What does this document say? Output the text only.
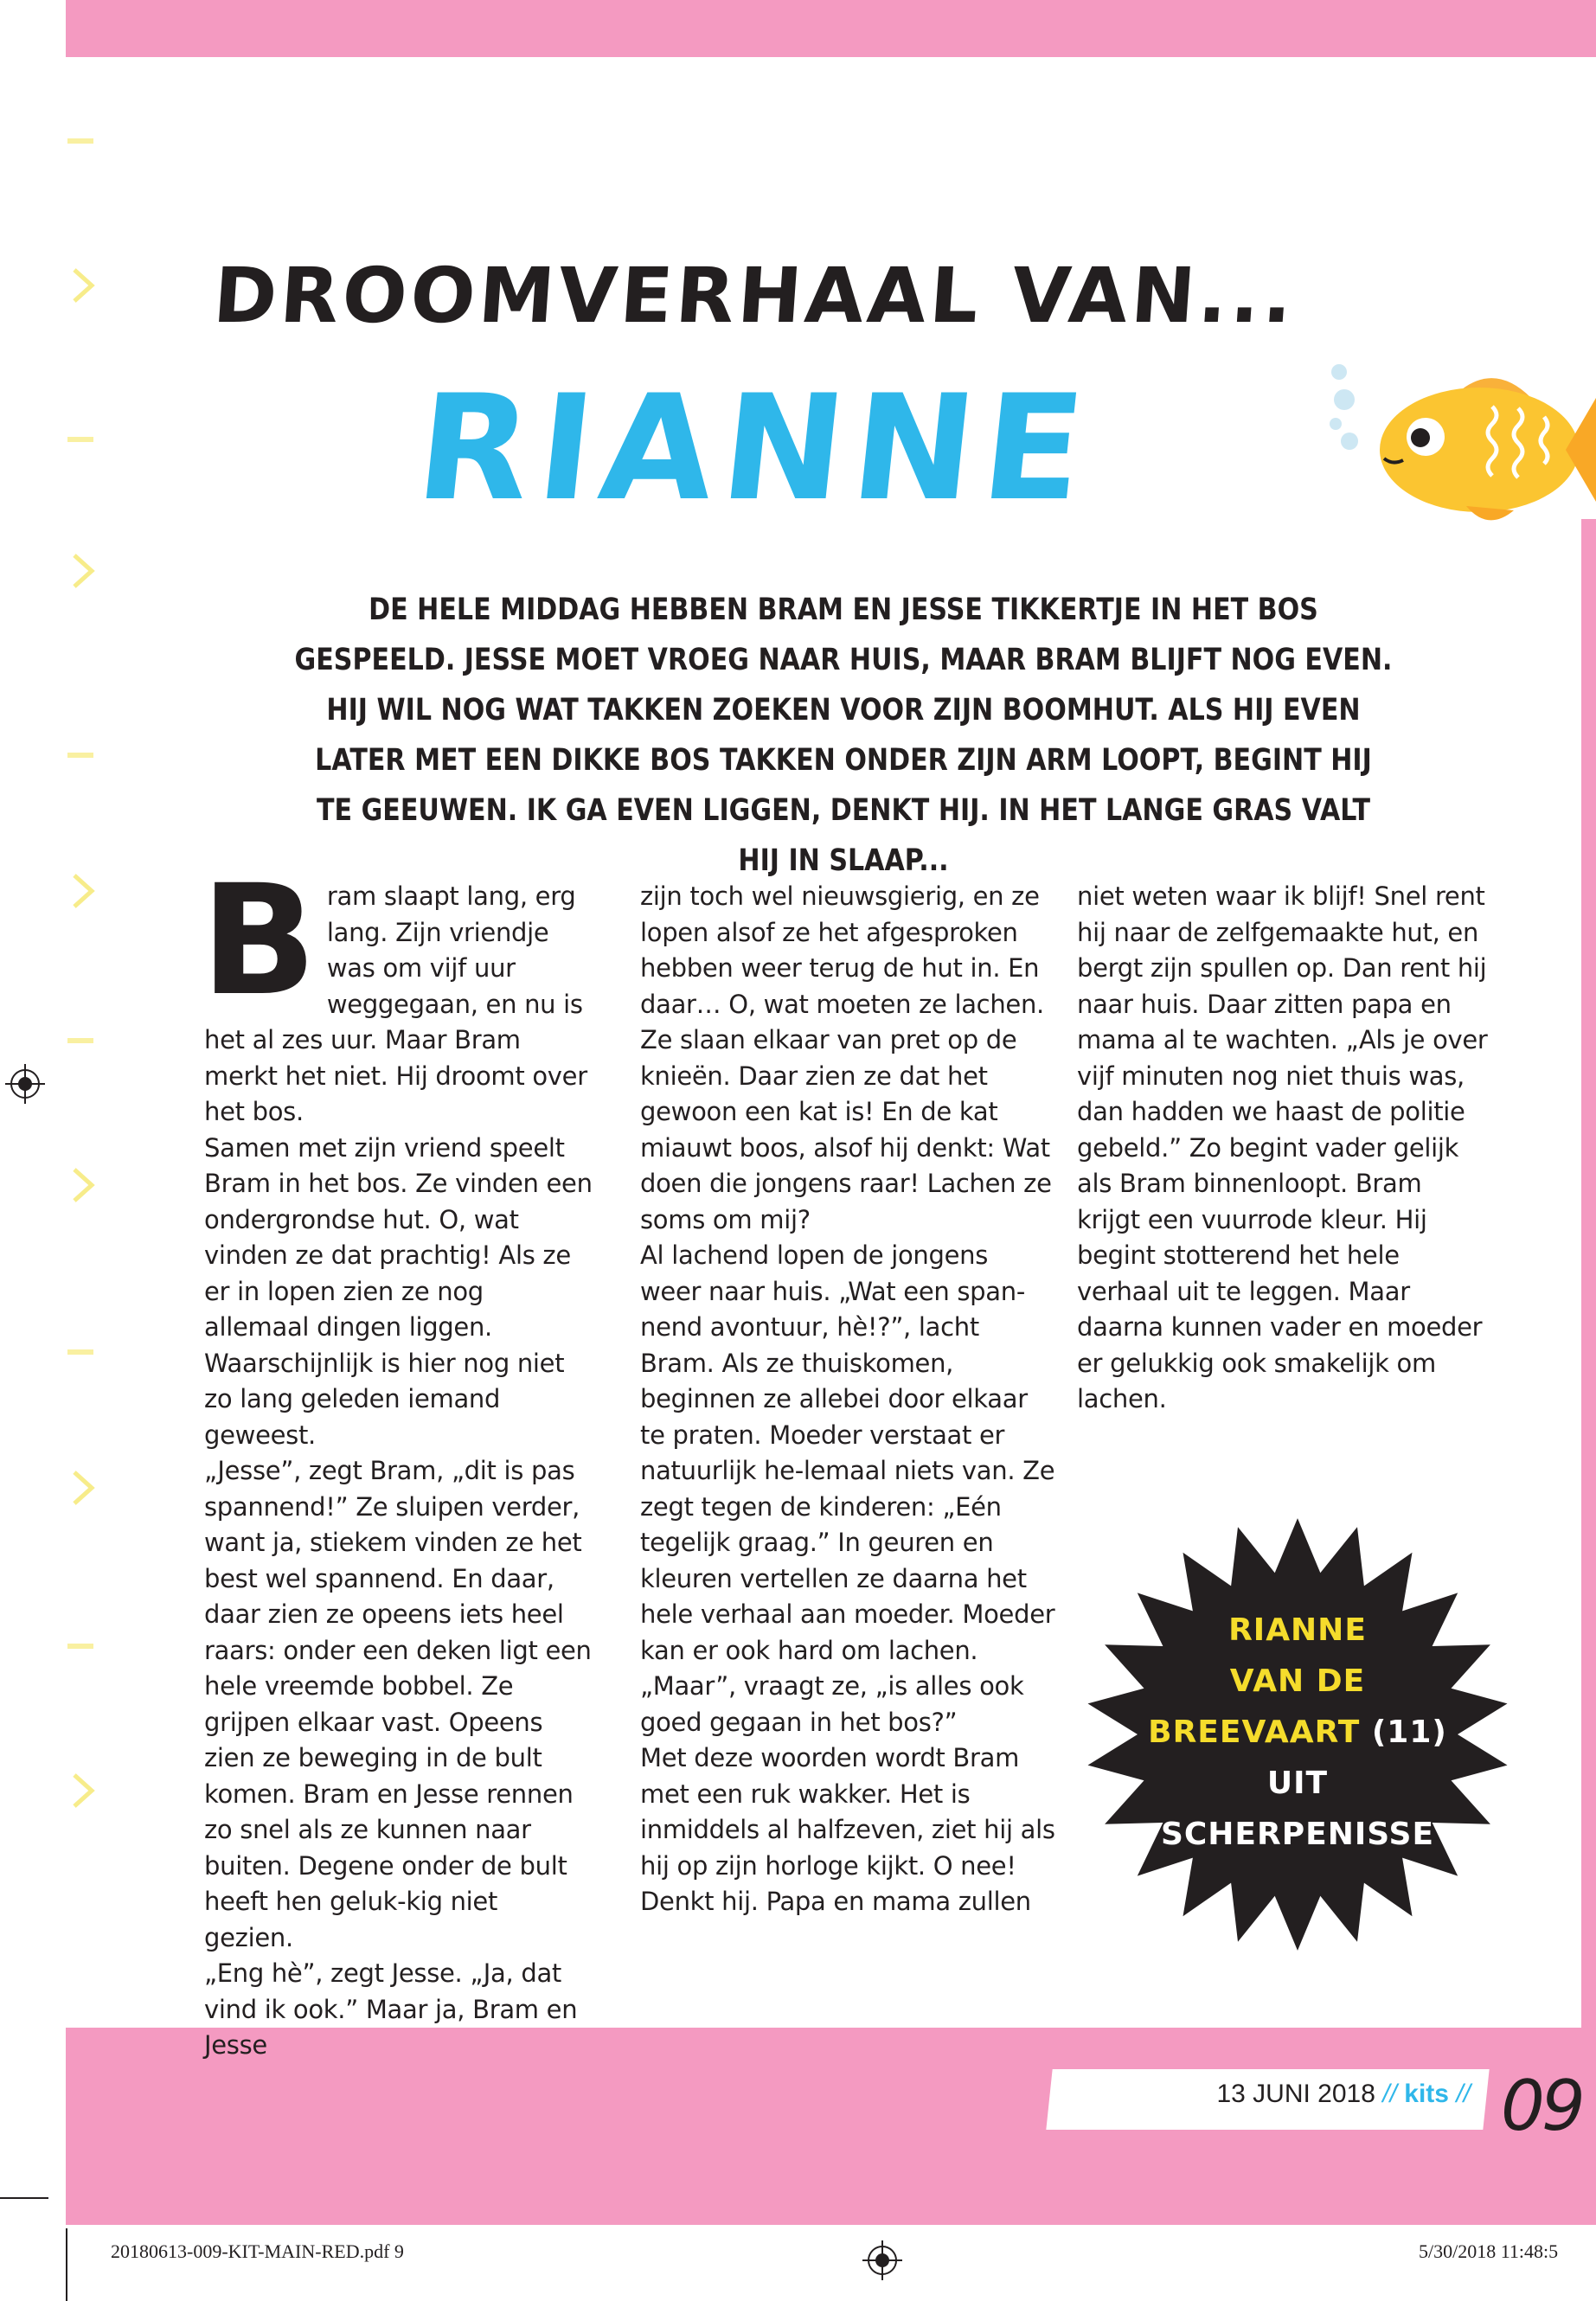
DROOMVERHAAL VAN...
RIANNE
DE HELE MIDDAG HEBBEN BRAM EN JESSE TIKKERTJE IN HET BOS GESPEELD. JESSE MOET VROEG NAAR HUIS, MAAR BRAM BLIJFT NOG EVEN. HIJ WIL NOG WAT TAKKEN ZOEKEN VOOR ZIJN BOOMHUT. ALS HIJ EVEN LATER MET EEN DIKKE BOS TAKKEN ONDER ZIJN ARM LOOPT, BEGINT HIJ TE GEEUWEN. IK GA EVEN LIGGEN, DENKT HIJ. IN HET LANGE GRAS VALT HIJ IN SLAAP...
B ram slaapt lang, erg lang. Zijn vriendje was om vijf uur weggegaan, en nu is het al zes uur. Maar Bram merkt het niet. Hij droomt over het bos.

Samen met zijn vriend speelt Bram in het bos. Ze vinden een ondergrondse hut. O, wat vinden ze dat prachtig! Als ze er in lopen zien ze nog allemaal dingen liggen. Waarschijnlijk is hier nog niet zo lang geleden iemand geweest.

„Jesse”, zegt Bram, „dit is pas spannend!” Ze sluipen verder, want ja, stiekem vinden ze het best wel spannend. En daar, daar zien ze opeens iets heel raars: onder een deken ligt een hele vreemde bobbel. Ze grijpen elkaar vast. Opeens zien ze beweging in de bult komen. Bram en Jesse rennen zo snel als ze kunnen naar buiten. Degene onder de bult heeft hen geluk-kig niet gezien.

„Eng hè”, zegt Jesse. „Ja, dat vind ik ook.” Maar ja, Bram en Jesse

zijn toch wel nieuwsgierig, en ze lopen alsof ze het afgesproken hebben weer terug de hut in. En daar… O, wat moeten ze lachen. Ze slaan elkaar van pret op de knieën. Daar zien ze dat het gewoon een kat is! En de kat miauwt boos, alsof hij denkt: Wat doen die jongens raar! Lachen ze soms om mij?

Al lachend lopen de jongens weer naar huis. „Wat een span-nend avontuur, hè!?”, lacht Bram. Als ze thuiskomen, beginnen ze allebei door elkaar te praten. Moeder verstaat er natuurlijk he-lemaal niets van. Ze zegt tegen de kinderen: „Eén tegelijk graag.” In geuren en kleuren vertellen ze daarna het hele verhaal aan moeder. Moeder kan er ook hard om lachen. „Maar”, vraagt ze, „is alles ook goed gegaan in het bos?”

Met deze woorden wordt Bram met een ruk wakker. Het is inmiddels al halfzeven, ziet hij als hij op zijn horloge kijkt. O nee! Denkt hij. Papa en mama zullen

niet weten waar ik blijf! Snel rent hij naar de zelfgemaakte hut, en bergt zijn spullen op. Dan rent hij naar huis. Daar zitten papa en mama al te wachten. „Als je over vijf minuten nog niet thuis was, dan hadden we haast de politie gebeld.” Zo begint vader gelijk als Bram binnenloopt. Bram krijgt een vuurrode kleur. Hij begint stotterend het hele verhaal uit te leggen. Maar daarna kunnen vader en moeder er gelukkig ook smakelijk om lachen.

RIANNE
VAN DE
BREEVAART (11)
UIT
SCHERPENISSE
13 JUNI 2018 // kits // 09
20180613-009-KIT-MAIN-RED.pdf 9	5/30/2018 11:48:5
